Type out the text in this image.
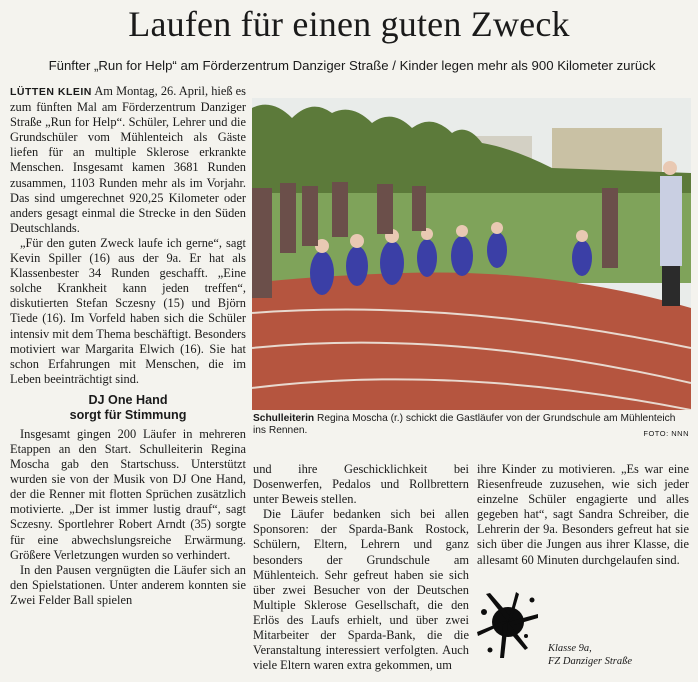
Laufen für einen guten Zweck
Fünfter „Run for Help“ am Förderzentrum Danziger Straße / Kinder legen mehr als 900 Kilometer zurück

LÜTTEN KLEIN Am Montag, 26. April, hieß es zum fünften Mal am Förderzentrum Danziger Straße „Run for Help“. Schüler, Lehrer und die Grundschüler vom Mühlenteich als Gäste liefen für an multiple Sklerose erkrankte Menschen. Insgesamt kamen 3681 Runden zusammen, 1103 Runden mehr als im Vorjahr. Das sind umgerechnet 920,25 Kilometer oder anders gesagt einmal die Strecke in den Süden Deutschlands.

„Für den guten Zweck laufe ich gerne“, sagt Kevin Spiller (16) aus der 9a. Er hat als Klassenbester 34 Runden geschafft. „Eine solche Krankheit kann jeden treffen“, diskutierten Stefan Sczesny (15) und Björn Tiede (16). Im Vorfeld haben sich die Schüler intensiv mit dem Thema beschäftigt. Besonders motiviert war Margarita Elwich (16). Sie hat schon Erfahrungen mit Menschen, die im Leben beeinträchtigt sind.

DJ One Hand
sorgt für Stimmung

Insgesamt gingen 200 Läufer in mehreren Etappen an den Start. Schulleiterin Regina Moscha gab den Startschuss. Unterstützt wurden sie von der Musik von DJ One Hand, der die Renner mit flotten Sprüchen zusätzlich motivierte. „Der ist immer lustig drauf“, sagt Sczesny. Sportlehrer Robert Arndt (35) sorgte für eine abwechslungsreiche Erwärmung. Größere Verletzungen wurden so verhindert.

In den Pausen vergnügten die Läufer sich an den Spielstationen. Unter anderem konnten sie Zwei Felder Ball spielen

Schulleiterin Regina Moscha (r.) schickt die Gastläufer von der Grundschule am Mühlenteich ins Rennen.	FOTO: NNN

und ihre Geschicklichkeit bei Dosenwerfen, Pedalos und Rollbrettern unter Beweis stellen.

Die Läufer bedanken sich bei allen Sponsoren: der Sparda-Bank Rostock, Schülern, Eltern, Lehrern und ganz besonders der Grundschule am Mühlenteich. Sehr gefreut haben sie sich über zwei Besucher von der Deutschen Multiple Sklerose Gesellschaft, die den Erlös des Laufs erhielt, und über zwei Mitarbeiter der Sparda-Bank, die die Veranstaltung interessiert verfolgten. Auch viele Eltern waren extra gekommen, um

ihre Kinder zu motivieren. „Es war eine Riesenfreude zuzusehen, wie sich jeder einzelne Schüler engagierte und alles gegeben hat“, sagt Sandra Schreiber, die Lehrerin der 9a. Besonders gefreut hat sie sich über die Jungen aus ihrer Klasse, die allesamt 60 Minuten durchgelaufen sind.

Klasse 9a,
FZ Danziger Straße
